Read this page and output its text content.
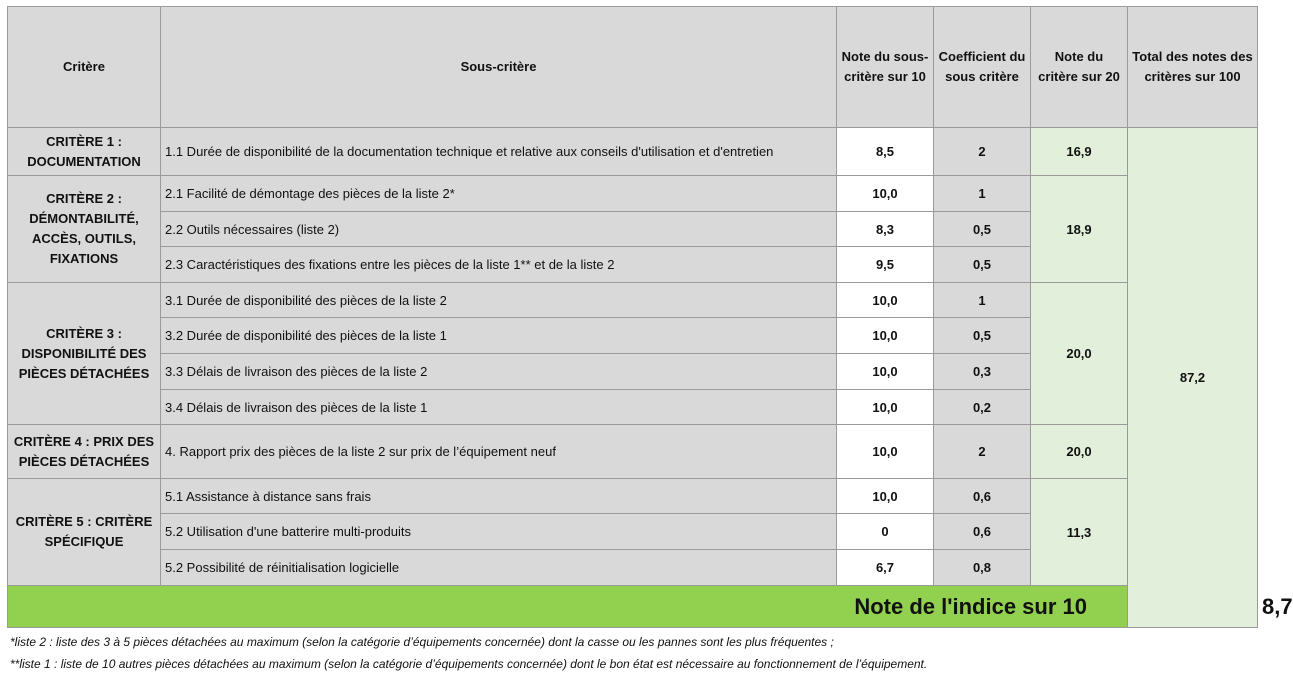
Critère	Sous-critère	Note du sous-critère sur 10	Coefficient du sous critère	Note du critère sur 20	Total des notes des critères sur 100	
CRITÈRE 1 : DOCUMENTATION	1.1 Durée de disponibilité de la documentation technique et relative aux conseils d'utilisation et d'entretien	8,5	2	16,9	87,2	
CRITÈRE 2 : DÉMONTABILITÉ, ACCÈS, OUTILS, FIXATIONS	2.1 Facilité de démontage des pièces de la liste 2*	10,0	1	18,9		
	2.2 Outils nécessaires (liste 2)	8,3	0,5			
	2.3 Caractéristiques des fixations entre les pièces de la liste 1** et de la liste 2	9,5	0,5			
CRITÈRE 3 : DISPONIBILITÉ DES PIÈCES DÉTACHÉES	3.1 Durée de disponibilité des pièces de la liste 2	10,0	1	20,0		
	3.2 Durée de disponibilité des pièces de la liste 1	10,0	0,5			
	3.3 Délais de livraison des pièces de la liste 2	10,0	0,3			
	3.4 Délais de livraison des pièces de la liste 1	10,0	0,2			
CRITÈRE 4 : PRIX DES PIÈCES DÉTACHÉES	4. Rapport prix des pièces de la liste 2 sur prix de l’équipement neuf	10,0	2	20,0		
CRITÈRE 5 : CRITÈRE SPÉCIFIQUE	5.1 Assistance à distance sans frais	10,0	0,6	11,3		
	5.2 Utilisation d'une batterire multi-produits	0	0,6			
	5.2 Possibilité de réinitialisation logicielle	6,7	0,8			
Note de l'indice sur 10						8,7
*liste 2 : liste des 3 à 5 pièces détachées au maximum (selon la catégorie d’équipements concernée) dont la casse ou les pannes sont les plus fréquentes ;
**liste 1 : liste de 10 autres pièces détachées au maximum (selon la catégorie d’équipements concernée) dont le bon état est nécessaire au fonctionnement de l’équipement.
